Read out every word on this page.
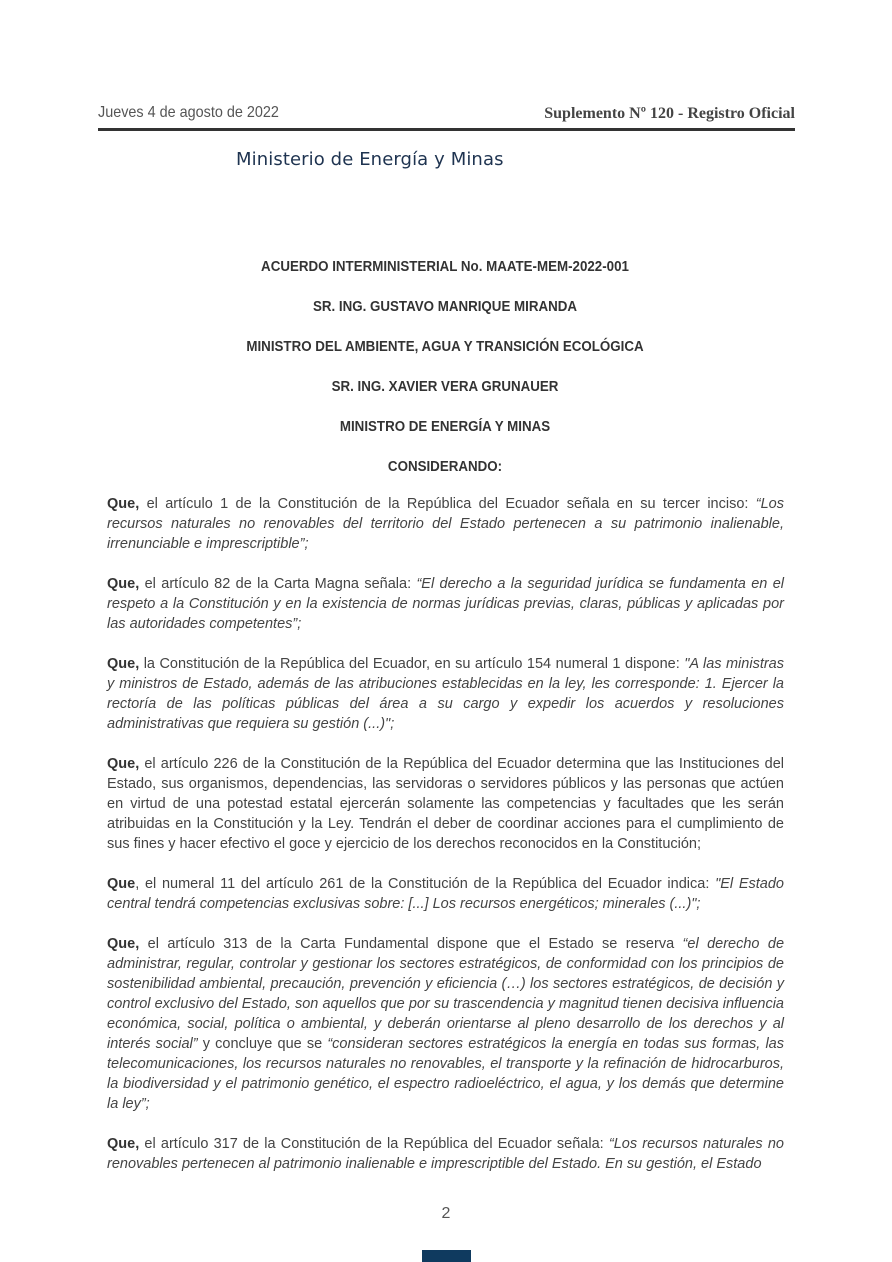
Jueves 4 de agosto de 2022	Suplemento Nº 120 - Registro Oficial
Ministerio de Energía y Minas
ACUERDO INTERMINISTERIAL No. MAATE-MEM-2022-001
SR. ING. GUSTAVO MANRIQUE MIRANDA
MINISTRO DEL AMBIENTE, AGUA Y TRANSICIÓN ECOLÓGICA
SR. ING. XAVIER VERA GRUNAUER
MINISTRO DE ENERGÍA Y MINAS
CONSIDERANDO:

Que, el artículo 1 de la Constitución de la República del Ecuador señala en su tercer inciso: “Los recursos naturales no renovables del territorio del Estado pertenecen a su patrimonio inalienable, irrenunciable e imprescriptible”;

Que, el artículo 82 de la Carta Magna señala: “El derecho a la seguridad jurídica se fundamenta en el respeto a la Constitución y en la existencia de normas jurídicas previas, claras, públicas y aplicadas por las autoridades competentes”;

Que, la Constitución de la República del Ecuador, en su artículo 154 numeral 1 dispone: "A las ministras y ministros de Estado, además de las atribuciones establecidas en la ley, les corresponde: 1. Ejercer la rectoría de las políticas públicas del área a su cargo y expedir los acuerdos y resoluciones administrativas que requiera su gestión (...)";

Que, el artículo 226 de la Constitución de la República del Ecuador determina que las Instituciones del Estado, sus organismos, dependencias, las servidoras o servidores públicos y las personas que actúen en virtud de una potestad estatal ejercerán solamente las competencias y facultades que les serán atribuidas en la Constitución y la Ley. Tendrán el deber de coordinar acciones para el cumplimiento de sus fines y hacer efectivo el goce y ejercicio de los derechos reconocidos en la Constitución;

Que, el numeral 11 del artículo 261 de la Constitución de la República del Ecuador indica: "El Estado central tendrá competencias exclusivas sobre: [...] Los recursos energéticos; minerales (...)";

Que, el artículo 313 de la Carta Fundamental dispone que el Estado se reserva “el derecho de administrar, regular, controlar y gestionar los sectores estratégicos, de conformidad con los principios de sostenibilidad ambiental, precaución, prevención y eficiencia (…) los sectores estratégicos, de decisión y control exclusivo del Estado, son aquellos que por su trascendencia y magnitud tienen decisiva influencia económica, social, política o ambiental, y deberán orientarse al pleno desarrollo de los derechos y al interés social” y concluye que se “consideran sectores estratégicos la energía en todas sus formas, las telecomunicaciones, los recursos naturales no renovables, el transporte y la refinación de hidrocarburos, la biodiversidad y el patrimonio genético, el espectro radioeléctrico, el agua, y los demás que determine la ley”;

Que, el artículo 317 de la Constitución de la República del Ecuador señala: “Los recursos naturales no renovables pertenecen al patrimonio inalienable e imprescriptible del Estado. En su gestión, el Estado

2
